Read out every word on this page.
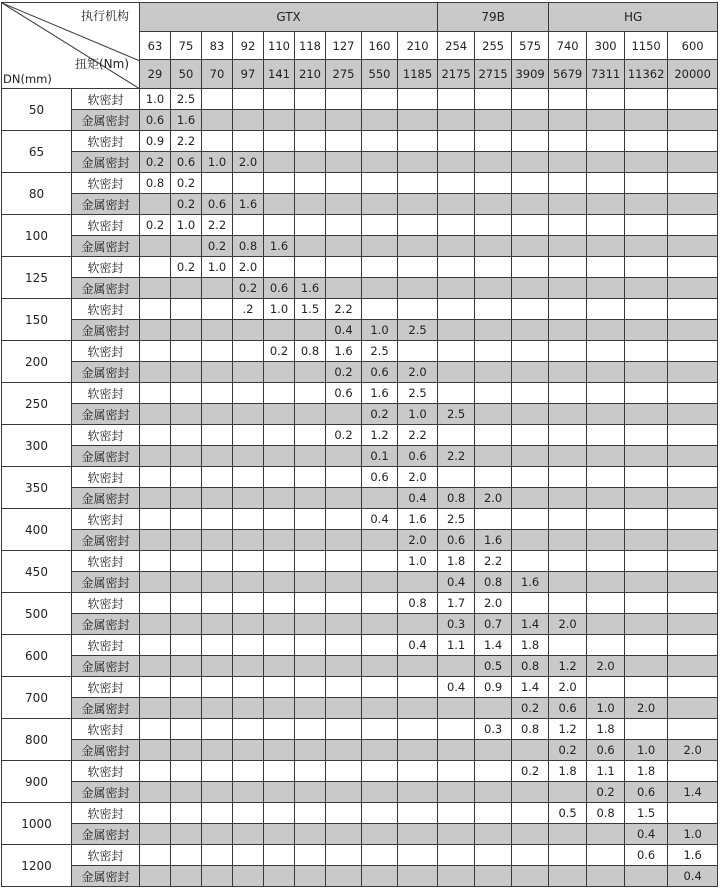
执行机构
扭矩(Nm)
DN(mm)		GTX									79B			HG			
		63	75	83	92	110	118	127	160	210	254	255	575	740	300	1150	600
		29	50	70	97	141	210	275	550	1185	2175	2715	3909	5679	7311	11362	20000
50	软密封	1.0	2.5														
	金属密封	0.6	1.6														
65	软密封	0.9	2.2														
	金属密封	0.2	0.6	1.0	2.0												
80	软密封	0.8	0.2														
	金属密封		0.2	0.6	1.6												
100	软密封	0.2	1.0	2.2													
	金属密封			0.2	0.8	1.6											
125	软密封		0.2	1.0	2.0												
	金属密封				0.2	0.6	1.6										
150	软密封				.2	1.0	1.5	2.2									
	金属密封							0.4	1.0	2.5							
200	软密封					0.2	0.8	1.6	2.5								
	金属密封							0.2	0.6	2.0							
250	软密封							0.6	1.6	2.5							
	金属密封								0.2	1.0	2.5						
300	软密封							0.2	1.2	2.2							
	金属密封								0.1	0.6	2.2						
350	软密封								0.6	2.0							
	金属密封									0.4	0.8	2.0					
400	软密封								0.4	1.6	2.5						
	金属密封									2.0	0.6	1.6					
450	软密封									1.0	1.8	2.2					
	金属密封										0.4	0.8	1.6				
500	软密封									0.8	1.7	2.0					
	金属密封										0.3	0.7	1.4	2.0			
600	软密封									0.4	1.1	1.4	1.8				
	金属密封											0.5	0.8	1.2	2.0		
700	软密封										0.4	0.9	1.4	2.0			
	金属密封												0.2	0.6	1.0	2.0	
800	软密封											0.3	0.8	1.2	1.8		
	金属密封													0.2	0.6	1.0	2.0
900	软密封												0.2	1.8	1.1	1.8	
	金属密封														0.2	0.6	1.4
1000	软密封													0.5	0.8	1.5	
	金属密封															0.4	1.0
1200	软密封															0.6	1.6
	金属密封																0.4
